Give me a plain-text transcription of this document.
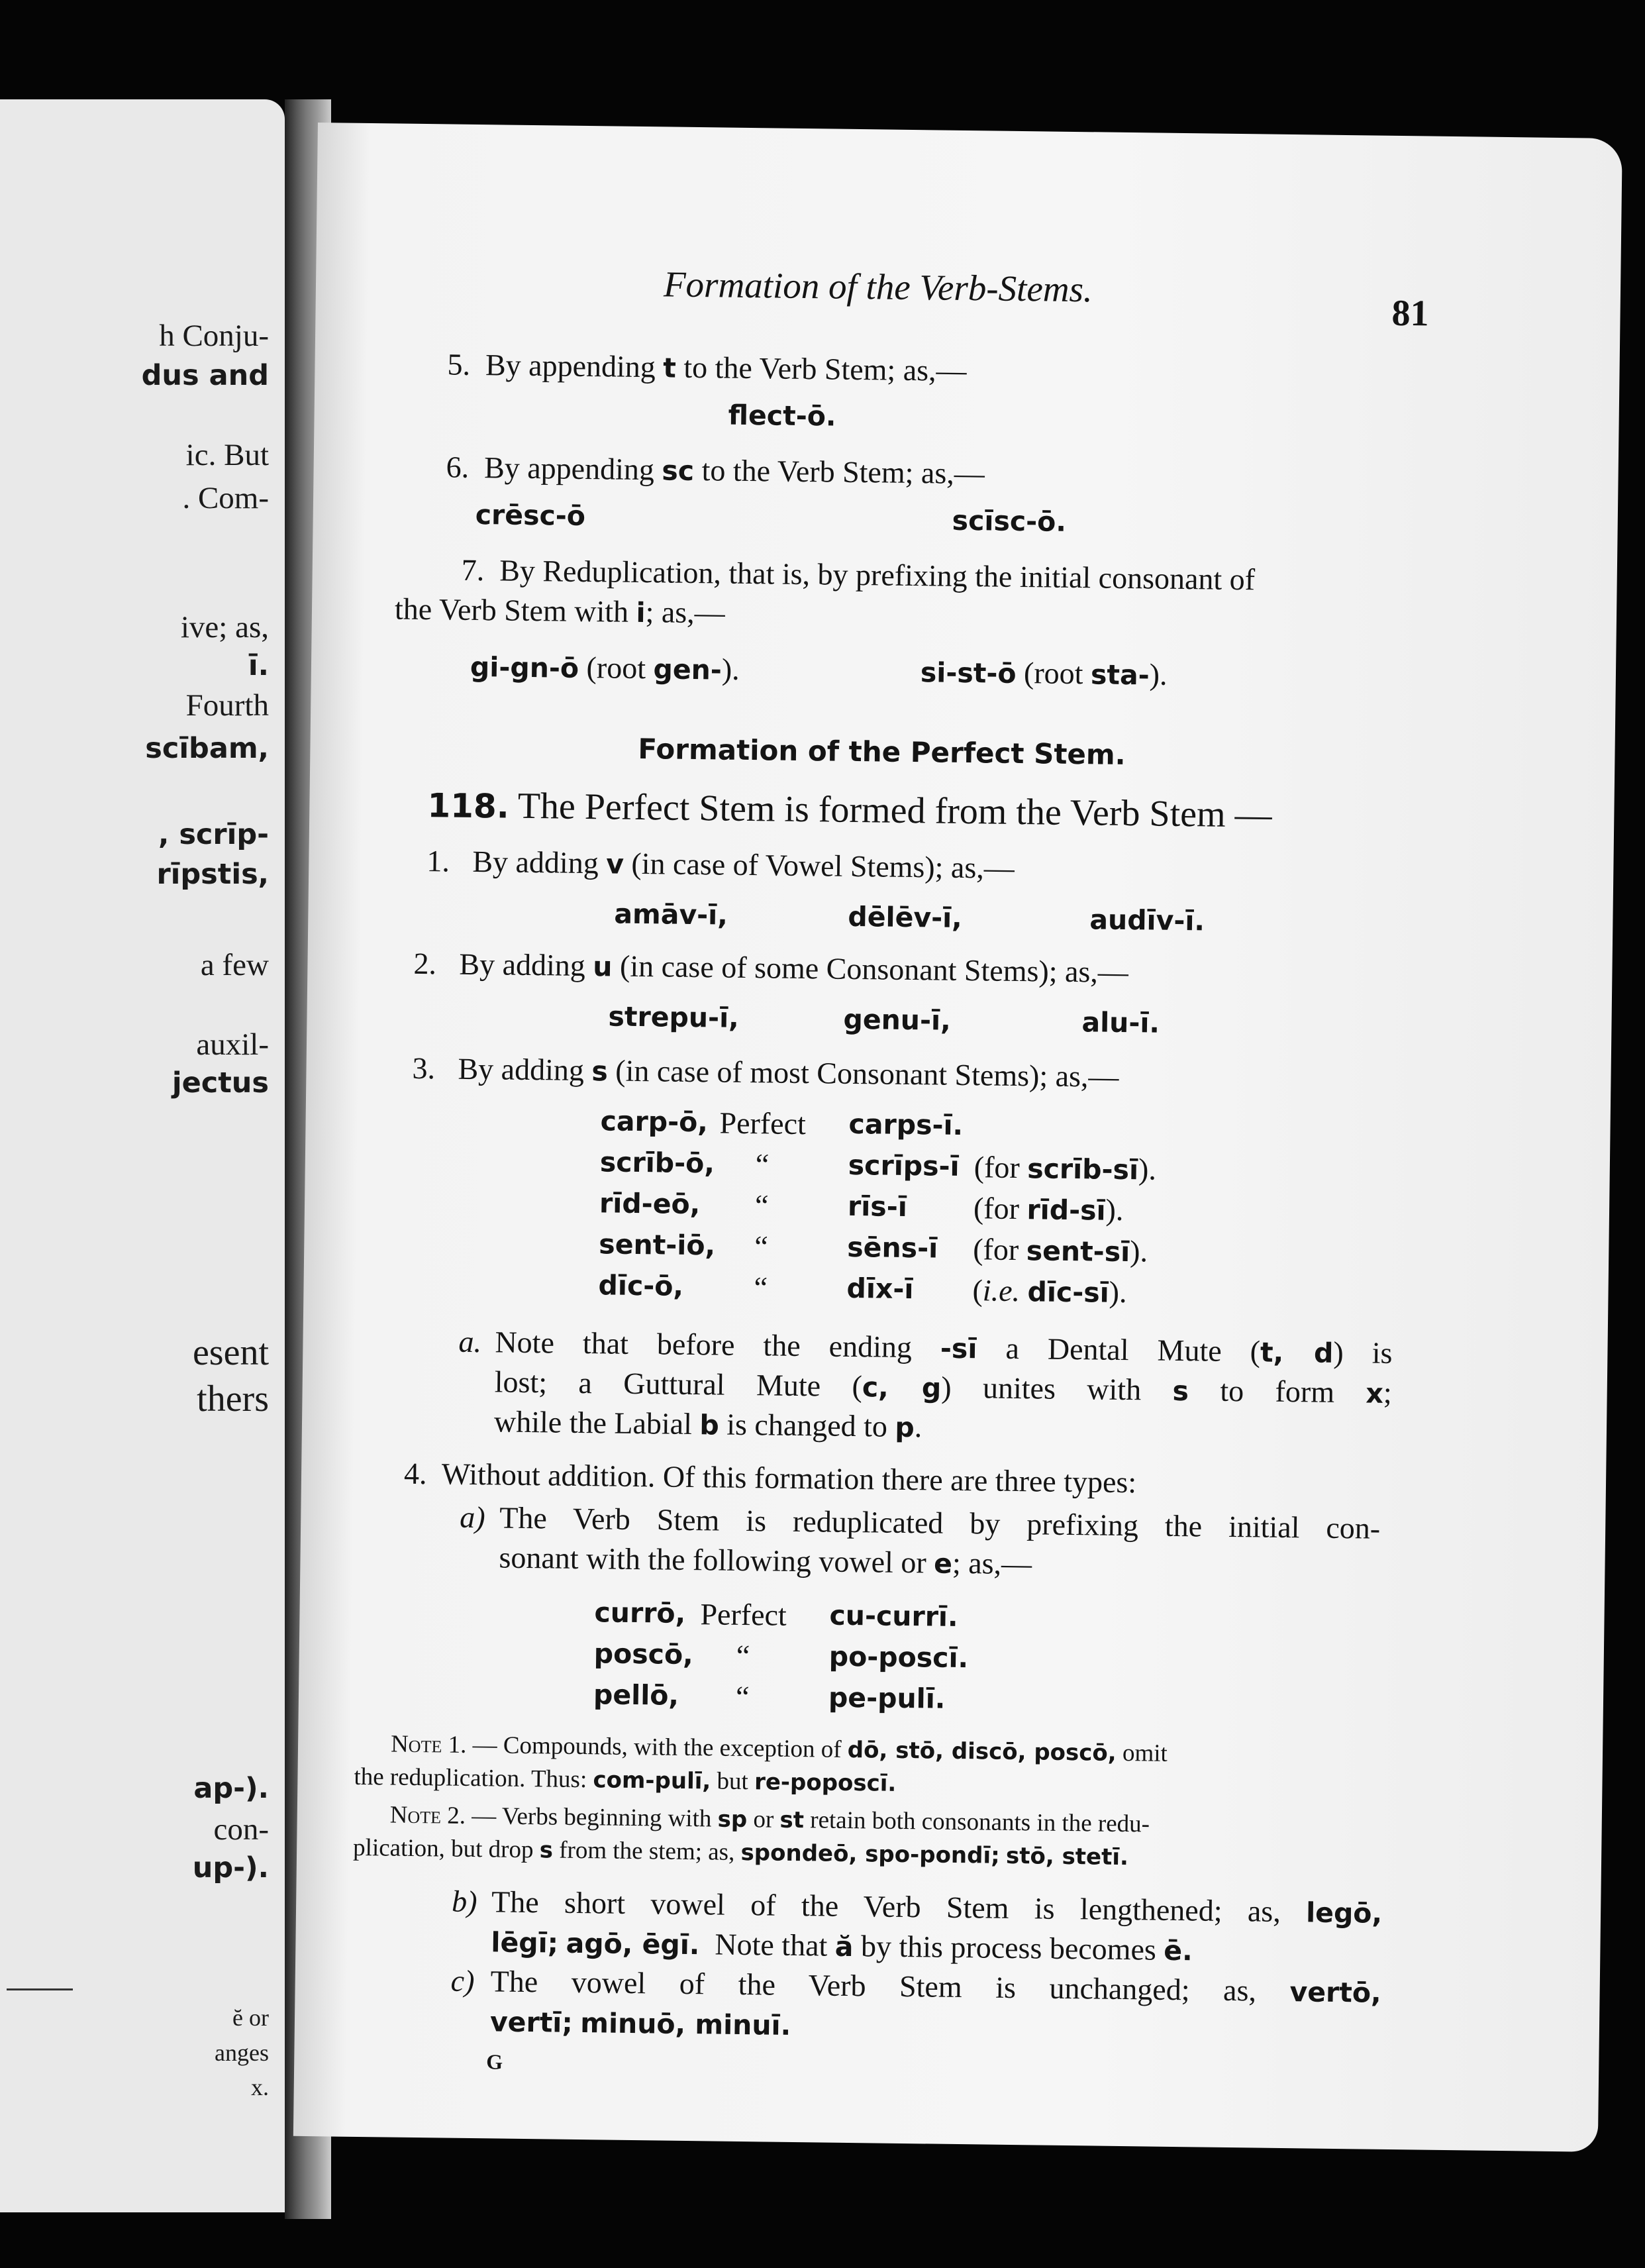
h Conju-
dus and
ic. But
. Com-
ive; as,
ī.
Fourth
scībam,
, scrīp-
rīpstis,
a few
auxil-
jectus
esent
thers
ap-).
con-
up-).
ĕ or
anges
x.
Formation of the Verb-Stems.
81
5. By appending t to the Verb Stem; as,—
flect-ō.
6. By appending sc to the Verb Stem; as,—
crēsc-ō	scīsc-ō.
7. By Reduplication, that is, by prefixing the initial consonant of
the Verb Stem with i; as,—
gi-gn-ō (root gen-).	si-st-ō (root sta-).
Formation of the Perfect Stem.
118. The Perfect Stem is formed from the Verb Stem —
1. By adding v (in case of Vowel Stems); as,—
amāv-ī,	dēlēv-ī,	audīv-ī.
2. By adding u (in case of some Consonant Stems); as,—
strepu-ī,	genu-ī,	alu-ī.
3. By adding s (in case of most Consonant Stems); as,—
carp-ō, Perfect carps-ī.
scrīb-ō, “	scrīps-ī (for scrīb-sī).
rīd-eō, “	rīs-ī (for rīd-sī).
sent-iō, “	sēns-ī (for sent-sī).
dīc-ō, “	dīx-ī (i.e. dīc-sī).
a. Note that before the ending -sī a Dental Mute (t, d) is
lost; a Guttural Mute (c, g) unites with s to form x;
while the Labial b is changed to p.
4. Without addition. Of this formation there are three types:
a) The Verb Stem is reduplicated by prefixing the initial con-
sonant with the following vowel or e; as,—
currō, Perfect cu-currī.
poscō, “	po-poscī.
pellō, “	pe-pulī.
Note 1. — Compounds, with the exception of dō, stō, discō, poscō, omit
the reduplication. Thus: com-pulī, but re-poposcī.
Note 2. — Verbs beginning with sp or st retain both consonants in the redu-
plication, but drop s from the stem; as, spondeō, spo-pondī; stō, stetī.
b) The short vowel of the Verb Stem is lengthened; as, legō,
lēgī; agō, ēgī. Note that ă by this process becomes ē.
c) The vowel of the Verb Stem is unchanged; as, vertō,
vertī; minuō, minuī.
G
